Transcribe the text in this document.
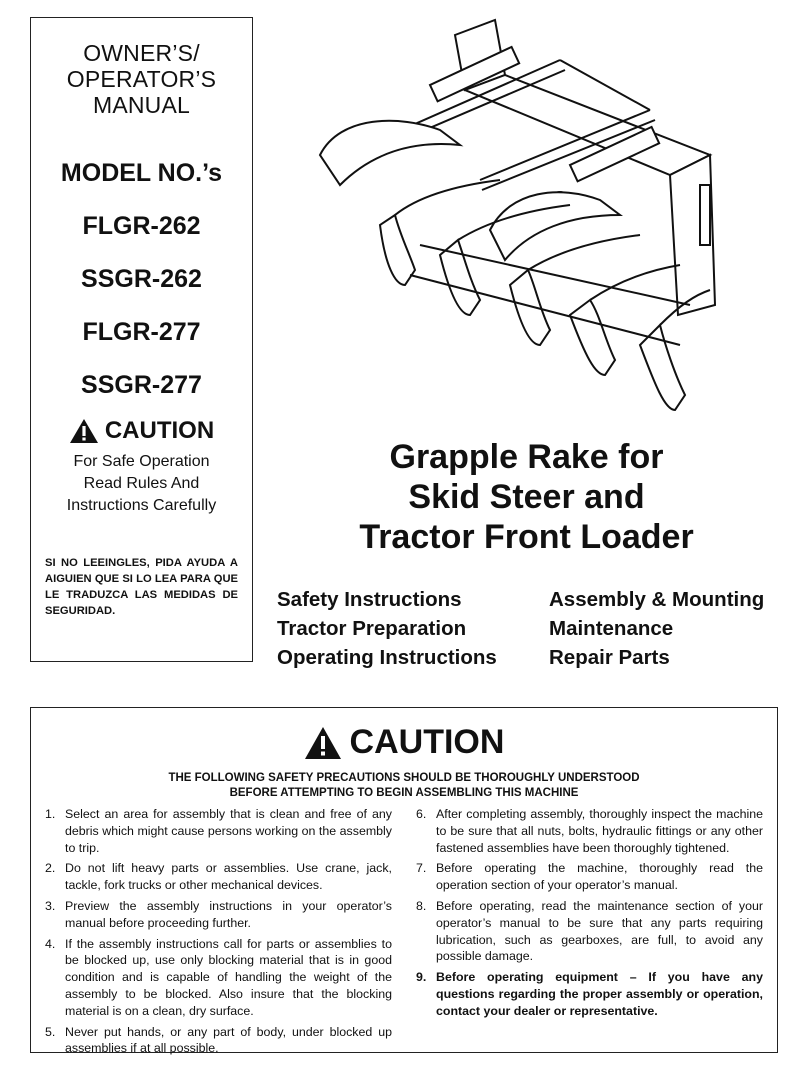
OWNER’S/
OPERATOR’S
MANUAL
MODEL NO.’s
FLGR-262
SSGR-262
FLGR-277
SSGR-277
CAUTION
For Safe Operation
Read Rules And
Instructions Carefully
SI NO LEEINGLES, PIDA AYUDA A AIGUIEN QUE SI LO LEA PARA QUE LE TRADUZCA LAS MEDIDAS DE SEGURIDAD.
Grapple Rake for
Skid Steer and
Tractor Front Loader
Safety Instructions
Tractor Preparation
Operating Instructions
Assembly & Mounting
Maintenance
Repair Parts
CAUTION
THE FOLLOWING SAFETY PRECAUTIONS SHOULD BE THOROUGHLY UNDERSTOOD
BEFORE ATTEMPTING TO BEGIN ASSEMBLING THIS MACHINE
1. Select an area for assembly that is clean and free of any debris which might cause persons working on the assembly to trip.
2. Do not lift heavy parts or assemblies. Use crane, jack, tackle, fork trucks or other mechanical devices.
3. Preview the assembly instructions in your operator’s manual before proceeding further.
4. If the assembly instructions call for parts or assemblies to be blocked up, use only blocking material that is in good condition and is capable of handling the weight of the assembly to be blocked. Also insure that the blocking material is on a clean, dry surface.
5. Never put hands, or any part of body, under blocked up assemblies if at all possible.
6. After completing assembly, thoroughly inspect the machine to be sure that all nuts, bolts, hydraulic fittings or any other fastened assemblies have been thoroughly tightened.
7. Before operating the machine, thoroughly read the operation section of your operator’s manual.
8. Before operating, read the maintenance section of your operator’s manual to be sure that any parts requiring lubrication, such as gearboxes, are full, to avoid any possible damage.
9. Before operating equipment – If you have any questions regarding the proper assembly or operation, contact your dealer or representative.
